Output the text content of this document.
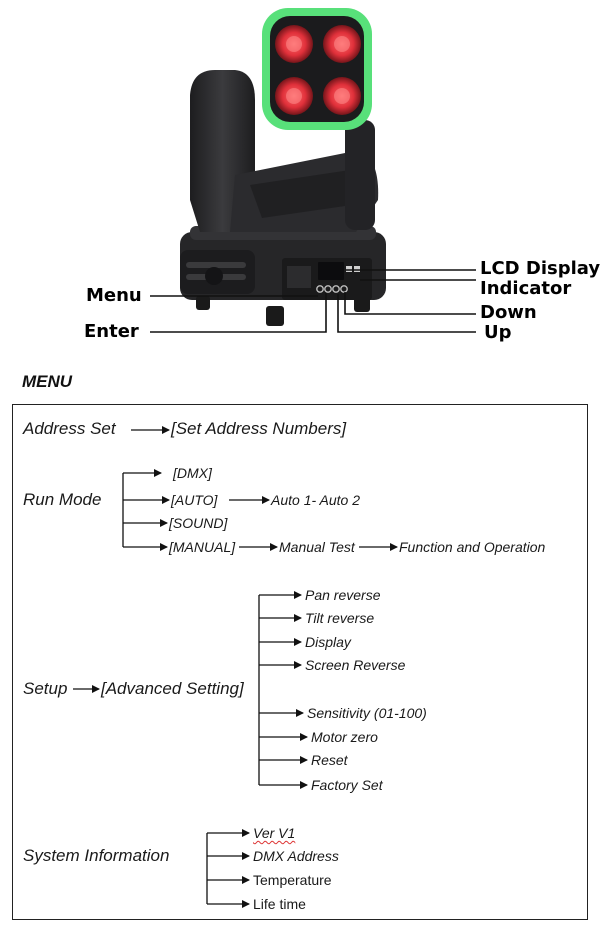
LCD Display
Indicator
Down
Up
Menu
Enter
MENU
Address Set	[Set Address Numbers]
Run Mode
[DMX]
[AUTO]	Auto 1- Auto 2
[SOUND]
[MANUAL]	Manual Test	Function and Operation
Setup [Advanced Setting]
Pan reverse
Tilt reverse
Display
Screen Reverse
Sensitivity (01-100)
Motor zero
Reset
Factory Set
System Information
Ver V1
DMX Address
Temperature
Life time
